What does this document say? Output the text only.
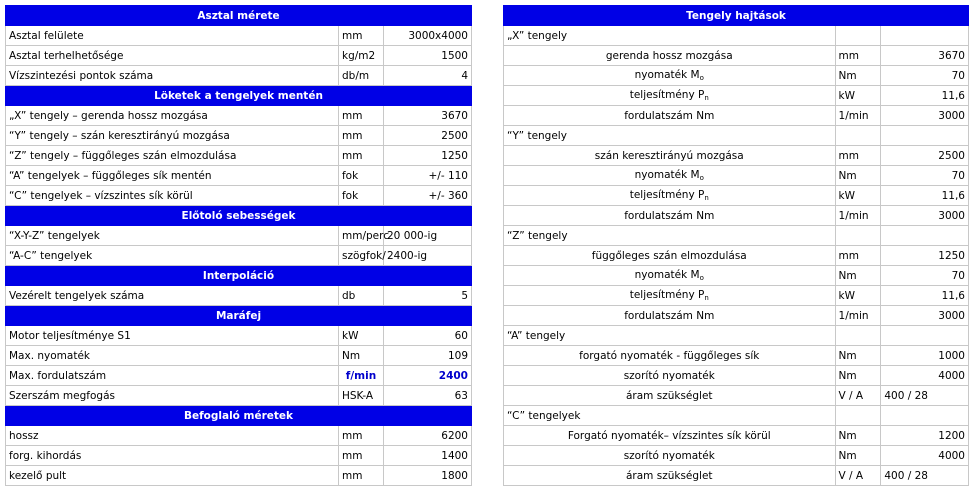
Asztal mérete		
Asztal felülete	mm	3000x4000
Asztal terhelhetősége	kg/m2	1500
Vízszintezési pontok száma	db/m	4
Löketek a tengelyek mentén		
„X” tengely – gerenda hossz mozgása	mm	3670
“Y” tengely – szán keresztirányú mozgása	mm	2500
“Z” tengely – függőleges szán elmozdulása	mm	1250
“A” tengelyek – függőleges sík mentén	fok	+/- 110
“C” tengelyek – vízszintes sík körül	fok	+/- 360
Előtoló sebességek		
“X-Y-Z” tengelyek	mm/perc	20 000-ig
“A-C” tengelyek	szögfok/	2400-ig
Interpoláció		
Vezérelt tengelyek száma	db	5
Maráfej		
Motor teljesítménye S1	kW	60
Max. nyomaték	Nm	109
Max. fordulatszám	f/min	2400
Szerszám megfogás	HSK-A	63
Befoglaló méretek		
hossz	mm	6200
forg. kihordás	mm	1400
kezelő pult	mm	1800
Tengely hajtások		
„X” tengely		
gerenda hossz mozgása	mm	3670
nyomaték $M_o$	Nm	70
teljesítmény $P_n$	kW	11,6
fordulatszám Nm	1/min	3000
“Y” tengely		
szán keresztirányú mozgása	mm	2500
nyomaték $M_o$	Nm	70
teljesítmény $P_n$	kW	11,6
fordulatszám Nm	1/min	3000
“Z” tengely		
függőleges szán elmozdulása	mm	1250
nyomaték $M_o$	Nm	70
teljesítmény $P_n$	kW	11,6
fordulatszám Nm	1/min	3000
“A” tengely		
forgató nyomaték - függőleges sík	Nm	1000
szorító nyomaték	Nm	4000
áram szükséglet	V / A	400 / 28
“C” tengelyek		
Forgató nyomaték– vízszintes sík körül	Nm	1200
szorító nyomaték	Nm	4000
áram szükséglet	V / A	400 / 28
